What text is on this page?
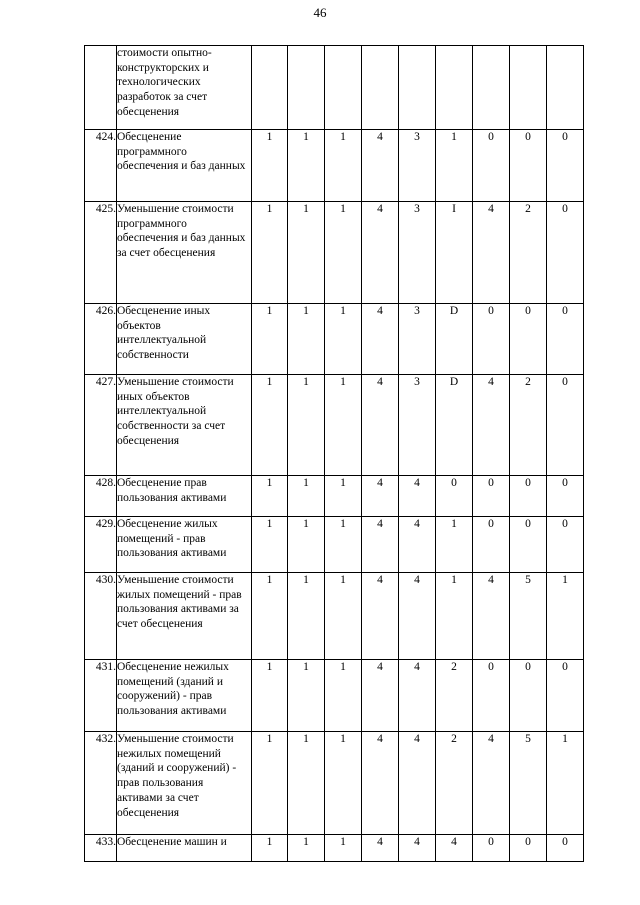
46
	стоимости опытно-конструкторских и технологических разработок за счет обесценения									
424.	Обесценение программного обеспечения и баз данных	1	1	1	4	3	1	0	0	0
425.	Уменьшение стоимости программного обеспечения и баз данных за счет обесценения	1	1	1	4	3	I	4	2	0
426.	Обесценение иных объектов интеллектуальной собственности	1	1	1	4	3	D	0	0	0
427.	Уменьшение стоимости иных объектов интеллектуальной собственности за счет обесценения	1	1	1	4	3	D	4	2	0
428.	Обесценение прав пользования активами	1	1	1	4	4	0	0	0	0
429.	Обесценение жилых помещений - прав пользования активами	1	1	1	4	4	1	0	0	0
430.	Уменьшение стоимости жилых помещений - прав пользования активами за счет обесценения	1	1	1	4	4	1	4	5	1
431.	Обесценение нежилых помещений (зданий и сооружений) - прав пользования активами	1	1	1	4	4	2	0	0	0
432.	Уменьшение стоимости нежилых помещений (зданий и сооружений) - прав пользования активами за счет обесценения	1	1	1	4	4	2	4	5	1
433.	Обесценение машин и	1	1	1	4	4	4	0	0	0
